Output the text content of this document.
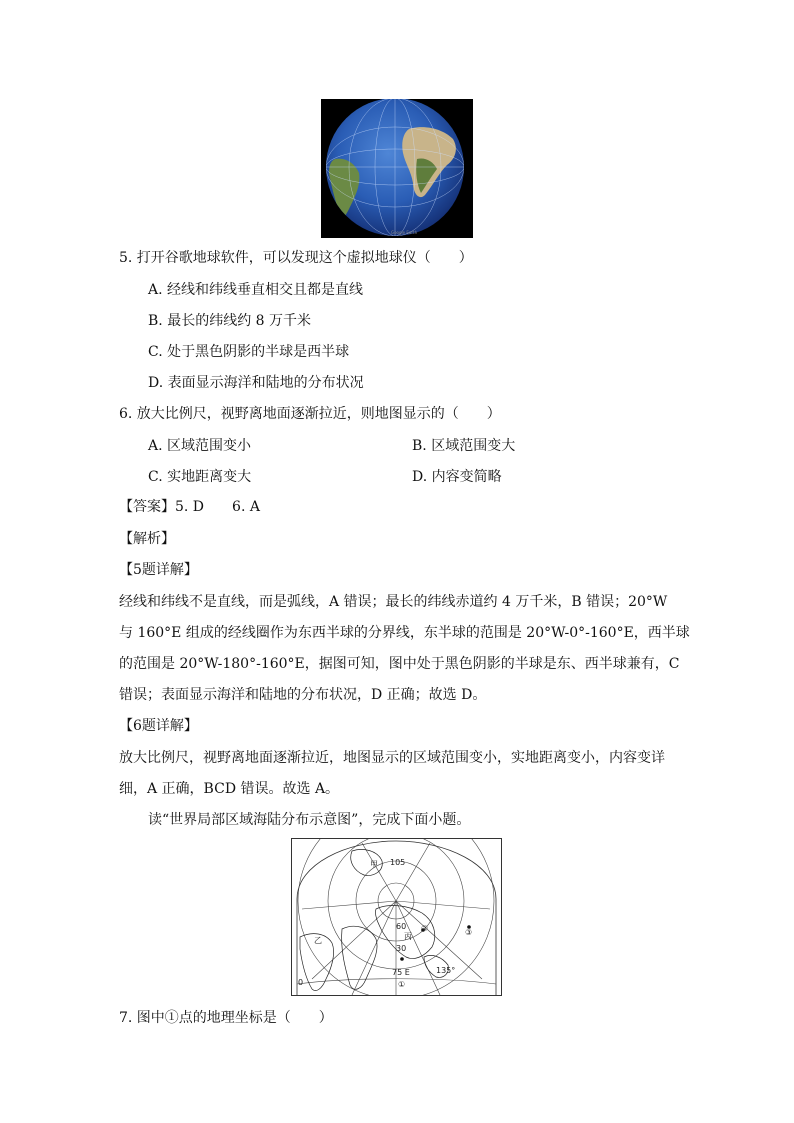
Google Earth
5. 打开谷歌地球软件，可以发现这个虚拟地球仪（　　）
A. 经线和纬线垂直相交且都是直线
B. 最长的纬线约 8 万千米
C. 处于黑色阴影的半球是西半球
D. 表面显示海洋和陆地的分布状况
6. 放大比例尺，视野离地面逐渐拉近，则地图显示的（　　）
A. 区域范围变小	B. 区域范围变大
C. 实地距离变大	D. 内容变简略
【答案】5. D　　6. A
【解析】
【5题详解】
经线和纬线不是直线，而是弧线，A 错误；最长的纬线赤道约 4 万千米，B 错误；20°W
与 160°E 组成的经线圈作为东西半球的分界线，东半球的范围是 20°W-0°-160°E，西半球
的范围是 20°W-180°-160°E，据图可知，图中处于黑色阴影的半球是东、西半球兼有，C
错误；表面显示海洋和陆地的分布状况，D 正确；故选 D。
【6题详解】
放大比例尺，视野离地面逐渐拉近，地图显示的区域范围变小，实地距离变小，内容变详
细，A 正确，BCD 错误。故选 A。
读“世界局部区域海陆分布示意图”，完成下面小题。
甲 105
乙
60
丙
30
0
75 E	135°
①
②	③
7. 图中①点的地理坐标是（　　）
